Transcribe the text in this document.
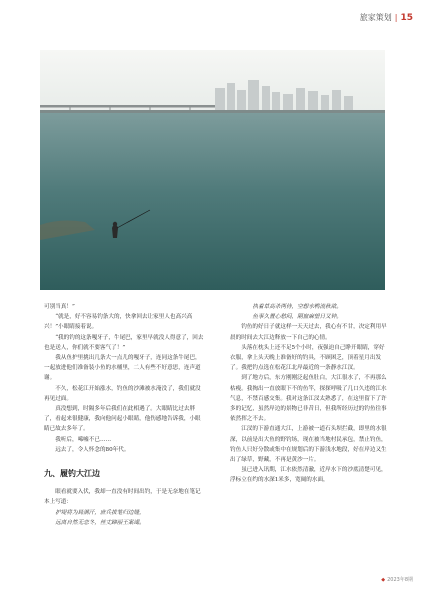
旅家策划 | 15

可别当真！”

“就是，好不容易钓条大的，快拿回去让家里人也高兴高兴！”小眼睛接着说。

“我的钓的这条嘎牙子，牛尾巴，家里早就没人得意了，回去也是送人，你们就不要客气了！”

我从鱼护里挑出几条大一点儿的嘎牙子，连同这条牛尾巴，一起放进他们准备装小鱼的水桶里，二人有些不好意思，连声道谢。

不久，松花江开始涨水，钓鱼的沙滩被水淹没了，我们就没再见过面。

真没想到，时隔多年后我们在此相遇了。大眼睛比过去胖了，看起来很健康，我向他问起小眼睛，他伤感地告诉我，小眼睛已故去多年了。

我听后，唏嘘不已……

远去了，令人怀念的80年代。

九、履钓大江边

眼看就要入伏，我却一直没有时间出钓，于是无奈地在笔记本上写道：

护堤将为局满汗，庶兵拔笔归边缝，

远离自然无恋冬，丝丈蹄丽王案竭。

执着草高杀两侍，空想水鸭流秋欲。

鱼事久置心愁闷，隔窗麻望日又钟。

钓鱼的好日子就这样一天天过去，我心有不甘，决定利用早晨的时间去大江边释放一下自己的心情。

头落在枕头上还不足5个小时，夜强迫自己睁开眼睛，穿好衣服，拿上头天晚上准备好的钓具，不顾困乏，顶着星月出发了。我把钓点选在松花江北岸最近的一条静水江汊。

到了地方后，东方刚刚泛起鱼肚白，大江很水了，不再那么枯瘦。我掏出一直放眼下不的鱼竿，探探呼吸了几口久违的江水气息，不禁百感交集。我对这条江汊太熟悉了，在这里留下了许多的记忆，虽然岸边的景物已非昔日，但我所经历过的钓鱼往事依然挥之不去。

江汊的下游直通大江，上游被一道石头坝拦截，即里的水很深，以前是出大鱼的野钓场，现在被当地村民承包，禁止钓鱼，钓鱼人只好分散或集中在规划后的下游浅水地段，好在岸边又生出了绿草，野藏，不再是黄沙一片。

虽已进入讯期，江水依然清澈，近岸水下的沙底清楚可见，浮标立在约的水深1米多，宽阔的水面，

◆ 2023年8期
